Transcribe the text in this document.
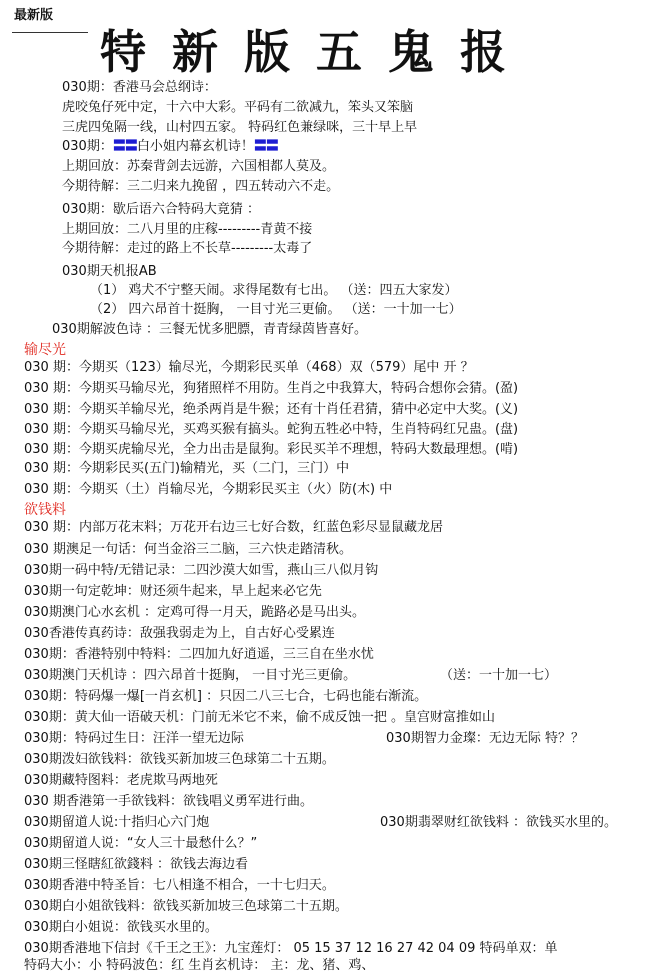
最新版
特新版五鬼报
030期：香港马会总纲诗：
虎咬兔仔死中定，十六中大彩。平码有二欲减九，笨头又笨脑
三虎四兔隔一线，山村四五家。 特码红色兼绿咪，三十早上早
030期：〓〓白小姐内幕玄机诗！〓〓
上期回放：苏秦背剑去远游，六国相都人莫及。
今期待解：三二归来九挽留 ，四五转动六不走。
030期：歇后语六合特码大竟猜 ：
上期回放：二八月里的庄稼---------青黄不接
今期待解：走过的路上不长草---------太毒了
030期天机报AB
（1） 鸡犬不宁整天闹。求得尾数有七出。 （送：四五大家发）
（2） 四六昂首十挺胸， 一目寸光三更偷。 （送：一十加一七）
030期解波色诗 ：三餐无忧多肥膘，青青绿茵皆喜好。
输尽光
030 期：今期买（123）输尽光，今期彩民买单（468）双（579）尾中 开 ？
030 期：今期买马输尽光，狗猪照样不用防。生肖之中我算大，特码合想你会猜。(盈)
030 期：今期买羊输尽光，绝杀两肖是牛猴；还有十肖任君猜，猜中必定中大奖。(义)
030 期：今期买马输尽光，买鸡买猴有搞头。蛇狗五牲必中特，生肖特码红兄蛊。(盘)
030 期：今期买虎输尽光，全力出击是鼠狗。彩民买羊不理想，特码大数最理想。(啃)
030 期：今期彩民买(五门)输精光，买（二门，三门）中
030 期：今期买（土）肖输尽光，今期彩民买主（火）防(木) 中
欲钱料
030 期：内部万花末料；万花开右边三七好合数，红蓝色彩尽显鼠藏龙居
030 期澳足一句话：何当金浴三二脑，三六快走踏清秋。
030期一码中特/无错记录：二四沙漠大如雪，燕山三八似月钩
030期一句定乾坤：财还须牛起来，早上起来必它先
030期澳门心水玄机 ：定鸡可得一月天，跪路必是马出头。
030香港传真药诗：敌强我弱走为上，自古好心受累连
030期：香港特别中特料：二四加九好逍遥，三三自在坐水忧
030期澳门天机诗 ：四六昂首十挺胸， 一目寸光三更偷。	（送：一十加一七）
030期：特码爆一爆[一肖玄机] ：只因二八三七合，七码也能右渐流。
030期：黄大仙一语破天机：门前无米它不来，偷不成反蚀一把 。皇宫财富推如山
030期：特码过生日：汪洋一望无边际	030期智力金璨：无边无际 特？？
030期泼妇欲钱料：欲钱买新加坡三色球第二十五期。
030期藏特图料：老虎欺马两地死
030 期香港第一手欲钱料：欲钱唱义勇军进行曲。
030期留道人说:十指归心六门炮	030期翡翠财红欲钱料 ：欲钱买水里的。
030期留道人说：“女人三十最愁什么？”
030期三怪瞎紅欲錢料 ：欲钱去海边看
030期香港中特圣旨：七八相逢不相合，一十七归天。
030期白小姐欲钱料：欲钱买新加坡三色球第二十五期。
030期白小姐说：欲钱买水里的。
030期香港地下信封《千王之王》：九宝莲灯： 05 15 37 12 16 27 42 04 09 特码单双：单
特码大小：小 特码波色：红 生肖玄机诗： 主：龙、猪、鸡、
